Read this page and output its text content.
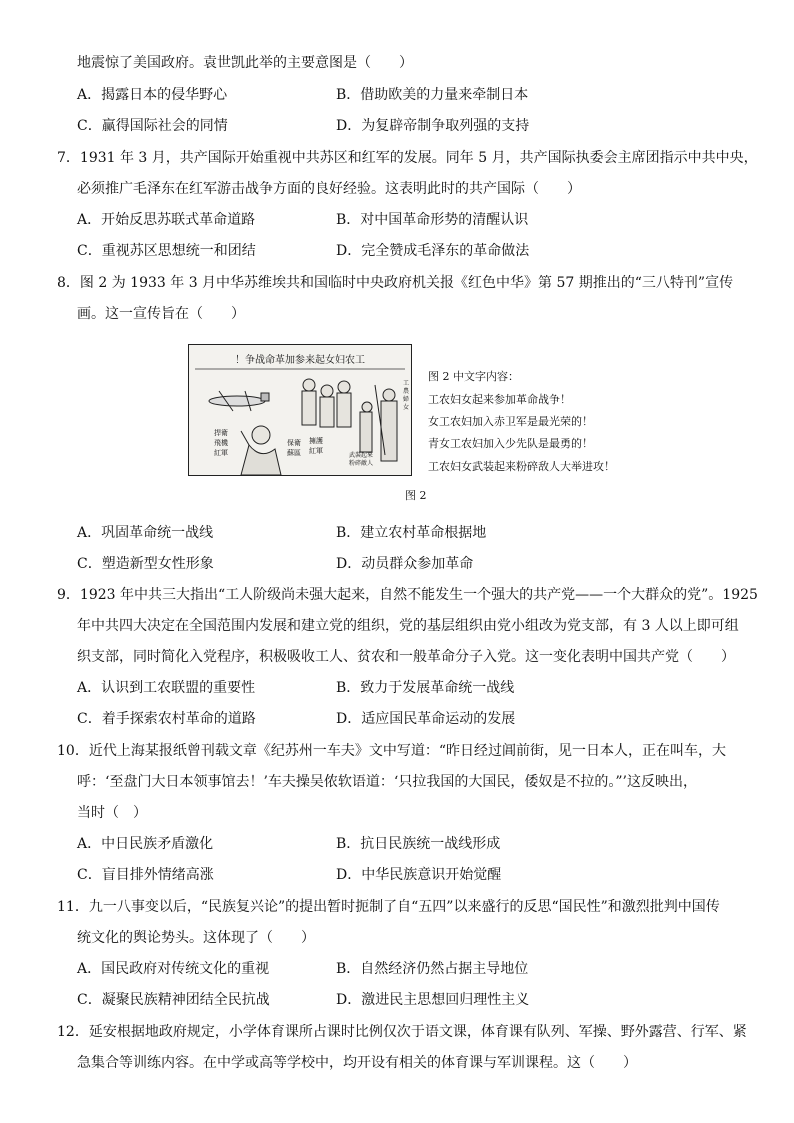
地震惊了美国政府。袁世凯此举的主要意图是（　　）
A．揭露日本的侵华野心	B．借助欧美的力量来牵制日本
C．赢得国际社会的同情	D．为复辟帝制争取列强的支持
7．1931 年 3 月，共产国际开始重视中共苏区和红军的发展。同年 5 月，共产国际执委会主席团指示中共中央，
必须推广毛泽东在红军游击战争方面的良好经验。这表明此时的共产国际（　　）
A．开始反思苏联式革命道路	B．对中国革命形势的清醒认识
C．重视苏区思想统一和团结	D．完全赞成毛泽东的革命做法
8．图 2 为 1933 年 3 月中华苏维埃共和国临时中央政府机关报《红色中华》第 57 期推出的“三八特刊”宣传
画。这一宣传旨在（　　）
！争战命革加参来起女妇农工
捍衛
飛機
紅軍
保衛
蘇區
擁護
紅軍
武裝起來
粉碎敵人
工
農
婦
女
图 2 中文字内容：
工农妇女起来参加革命战争！
女工农妇加入赤卫军是最光荣的！
青女工农妇加入少先队是最勇的！
工农妇女武装起来粉碎敌人大举进攻！
图 2
A．巩固革命统一战线	B．建立农村革命根据地
C．塑造新型女性形象	D．动员群众参加革命
9．1923 年中共三大指出“工人阶级尚未强大起来，自然不能发生一个强大的共产党——一个大群众的党”。1925
年中共四大决定在全国范围内发展和建立党的组织，党的基层组织由党小组改为党支部，有 3 人以上即可组
织支部，同时简化入党程序，积极吸收工人、贫农和一般革命分子入党。这一变化表明中国共产党（　　）
A．认识到工农联盟的重要性	B．致力于发展革命统一战线
C．着手探索农村革命的道路	D．适应国民革命运动的发展
10．近代上海某报纸曾刊载文章《纪苏州一车夫》文中写道：“昨日经过阊前街，见一日本人，正在叫车，大
呼：‘至盘门大日本领事馆去！’车夫操吴侬软语道：‘只拉我国的大国民，倭奴是不拉的。”’这反映出，
当时（　）
A．中日民族矛盾激化	B．抗日民族统一战线形成
C．盲目排外情绪高涨	D．中华民族意识开始觉醒
11．九一八事变以后，“民族复兴论”的提出暂时扼制了自“五四”以来盛行的反思“国民性”和激烈批判中国传
统文化的舆论势头。这体现了（　　）
A．国民政府对传统文化的重视	B．自然经济仍然占据主导地位
C．凝聚民族精神团结全民抗战	D．激进民主思想回归理性主义
12．延安根据地政府规定，小学体育课所占课时比例仅次于语文课，体育课有队列、军操、野外露营、行军、紧
急集合等训练内容。在中学或高等学校中，均开设有相关的体育课与军训课程。这（　　）
